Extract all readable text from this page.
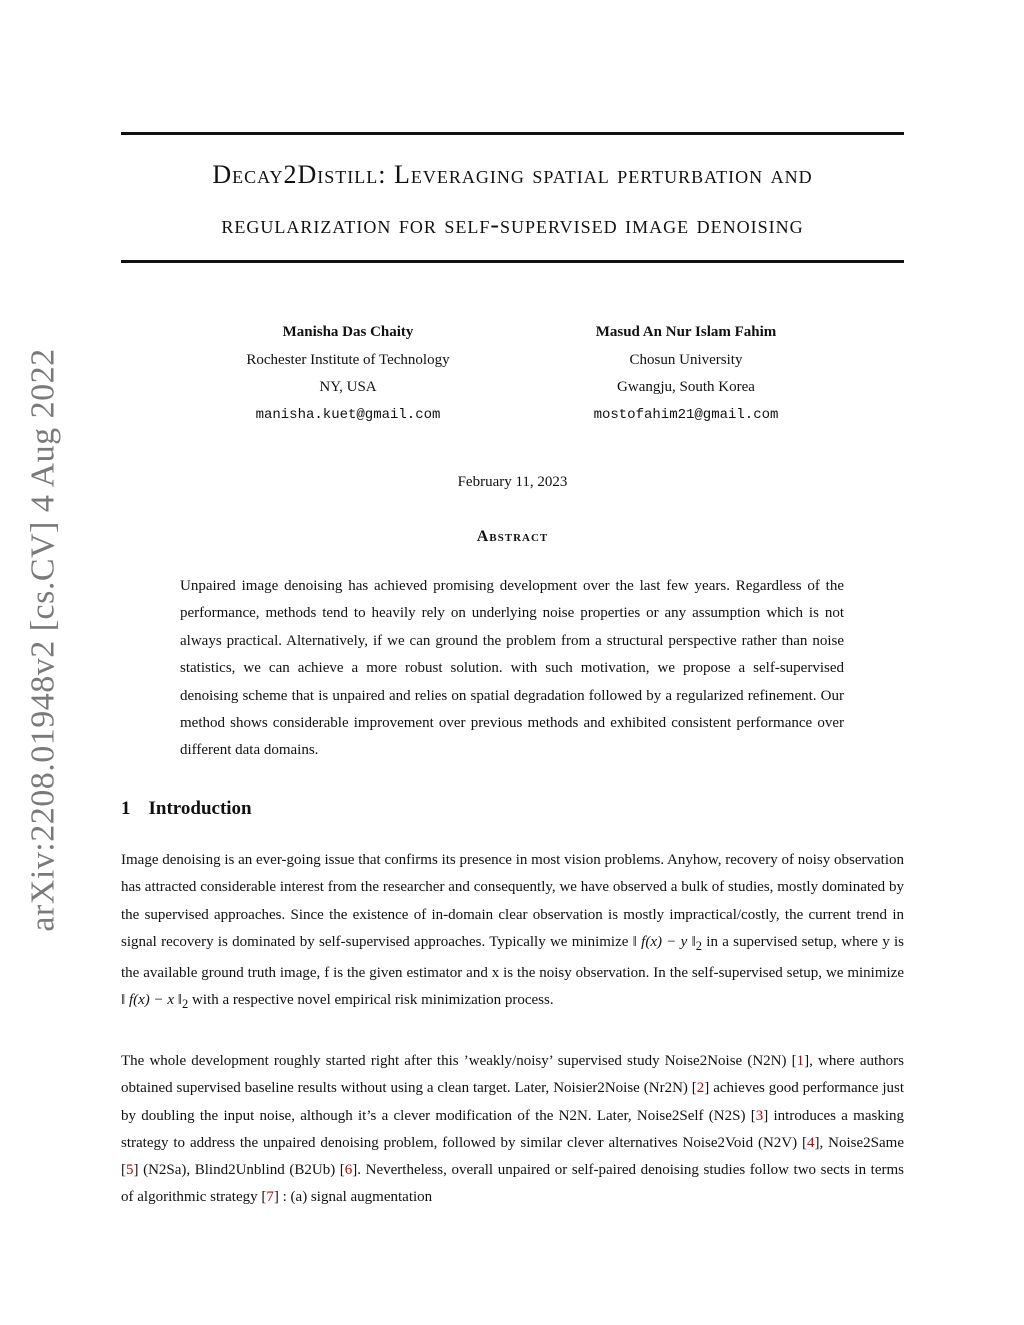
arXiv:2208.01948v2 [cs.CV] 4 Aug 2022
Decay2Distill: Leveraging spatial perturbation and
regularization for self-supervised image denoising
Manisha Das Chaity
Rochester Institute of Technology
NY, USA
manisha.kuet@gmail.com
Masud An Nur Islam Fahim
Chosun University
Gwangju, South Korea
mostofahim21@gmail.com
February 11, 2023
Abstract
Unpaired image denoising has achieved promising development over the last few years. Regardless of the performance, methods tend to heavily rely on underlying noise properties or any assumption which is not always practical. Alternatively, if we can ground the problem from a structural perspective rather than noise statistics, we can achieve a more robust solution. with such motivation, we propose a self-supervised denoising scheme that is unpaired and relies on spatial degradation followed by a regularized refinement. Our method shows considerable improvement over previous methods and exhibited consistent performance over different data domains.
1 Introduction

Image denoising is an ever-going issue that confirms its presence in most vision problems. Anyhow, recovery of noisy observation has attracted considerable interest from the researcher and consequently, we have observed a bulk of studies, mostly dominated by the supervised approaches. Since the existence of in-domain clear observation is mostly impractical/costly, the current trend in signal recovery is dominated by self-supervised approaches. Typically we minimize ‖ f(x) − y $‖_2$ in a supervised setup, where y is the available ground truth image, f is the given estimator and x is the noisy observation. In the self-supervised setup, we minimize ‖ f(x) − x $‖_2$ with a respective novel empirical risk minimization process.

The whole development roughly started right after this ’weakly/noisy’ supervised study Noise2Noise (N2N) [1], where authors obtained supervised baseline results without using a clean target. Later, Noisier2Noise (Nr2N) [2] achieves good performance just by doubling the input noise, although it’s a clever modification of the N2N. Later, Noise2Self (N2S) [3] introduces a masking strategy to address the unpaired denoising problem, followed by similar clever alternatives Noise2Void (N2V) [4], Noise2Same [5] (N2Sa), Blind2Unblind (B2Ub) [6]. Nevertheless, overall unpaired or self-paired denoising studies follow two sects in terms of algorithmic strategy [7] : (a) signal augmentation
